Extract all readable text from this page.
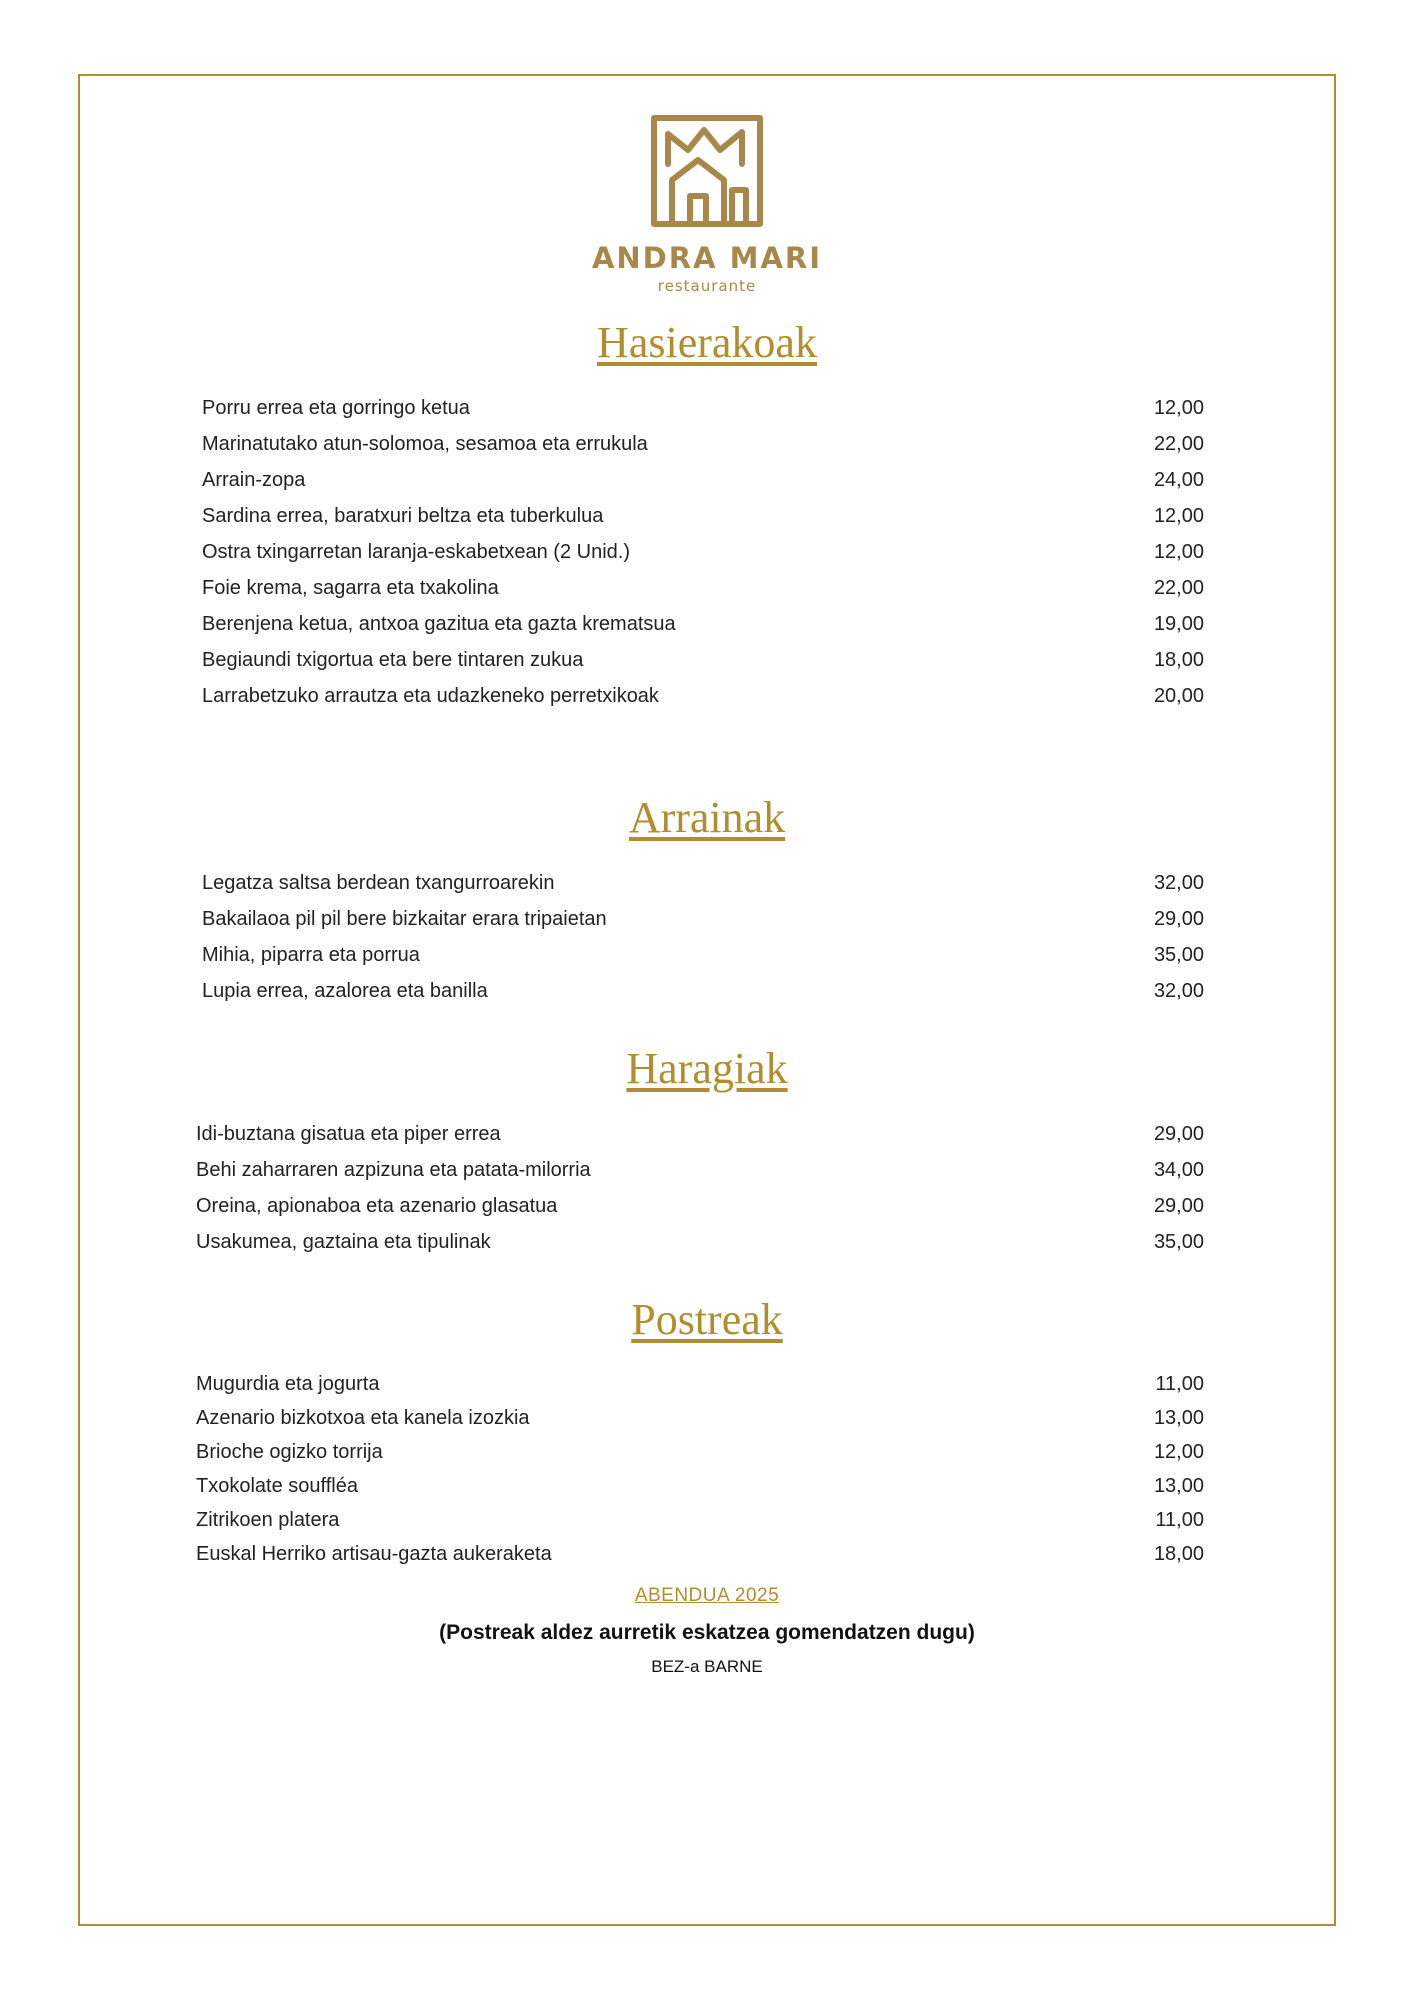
ANDRA MARI
restaurante
Hasierakoak
Porru errea eta gorringo ketua	12,00
Marinatutako atun-solomoa, sesamoa eta errukula	22,00
Arrain-zopa	24,00
Sardina errea, baratxuri beltza eta tuberkulua	12,00
Ostra txingarretan laranja-eskabetxean (2 Unid.)	12,00
Foie krema, sagarra eta txakolina	22,00
Berenjena ketua, antxoa gazitua eta gazta krematsua	19,00
Begiaundi txigortua eta bere tintaren zukua	18,00
Larrabetzuko arrautza eta udazkeneko perretxikoak	20,00
Arrainak
Legatza saltsa berdean txangurroarekin	32,00
Bakailaoa pil pil bere bizkaitar erara tripaietan	29,00
Mihia, piparra eta porrua	35,00
Lupia errea, azalorea eta banilla	32,00
Haragiak
Idi-buztana gisatua eta piper errea	29,00
Behi zaharraren azpizuna eta patata-milorria	34,00
Oreina, apionaboa eta azenario glasatua	29,00
Usakumea, gaztaina eta tipulinak	35,00
Postreak
Mugurdia eta jogurta	11,00
Azenario bizkotxoa eta kanela izozkia	13,00
Brioche ogizko torrija	12,00
Txokolate souffléa	13,00
Zitrikoen platera	11,00
Euskal Herriko artisau-gazta aukeraketa	18,00
ABENDUA 2025
(Postreak aldez aurretik eskatzea gomendatzen dugu)
BEZ-a BARNE
